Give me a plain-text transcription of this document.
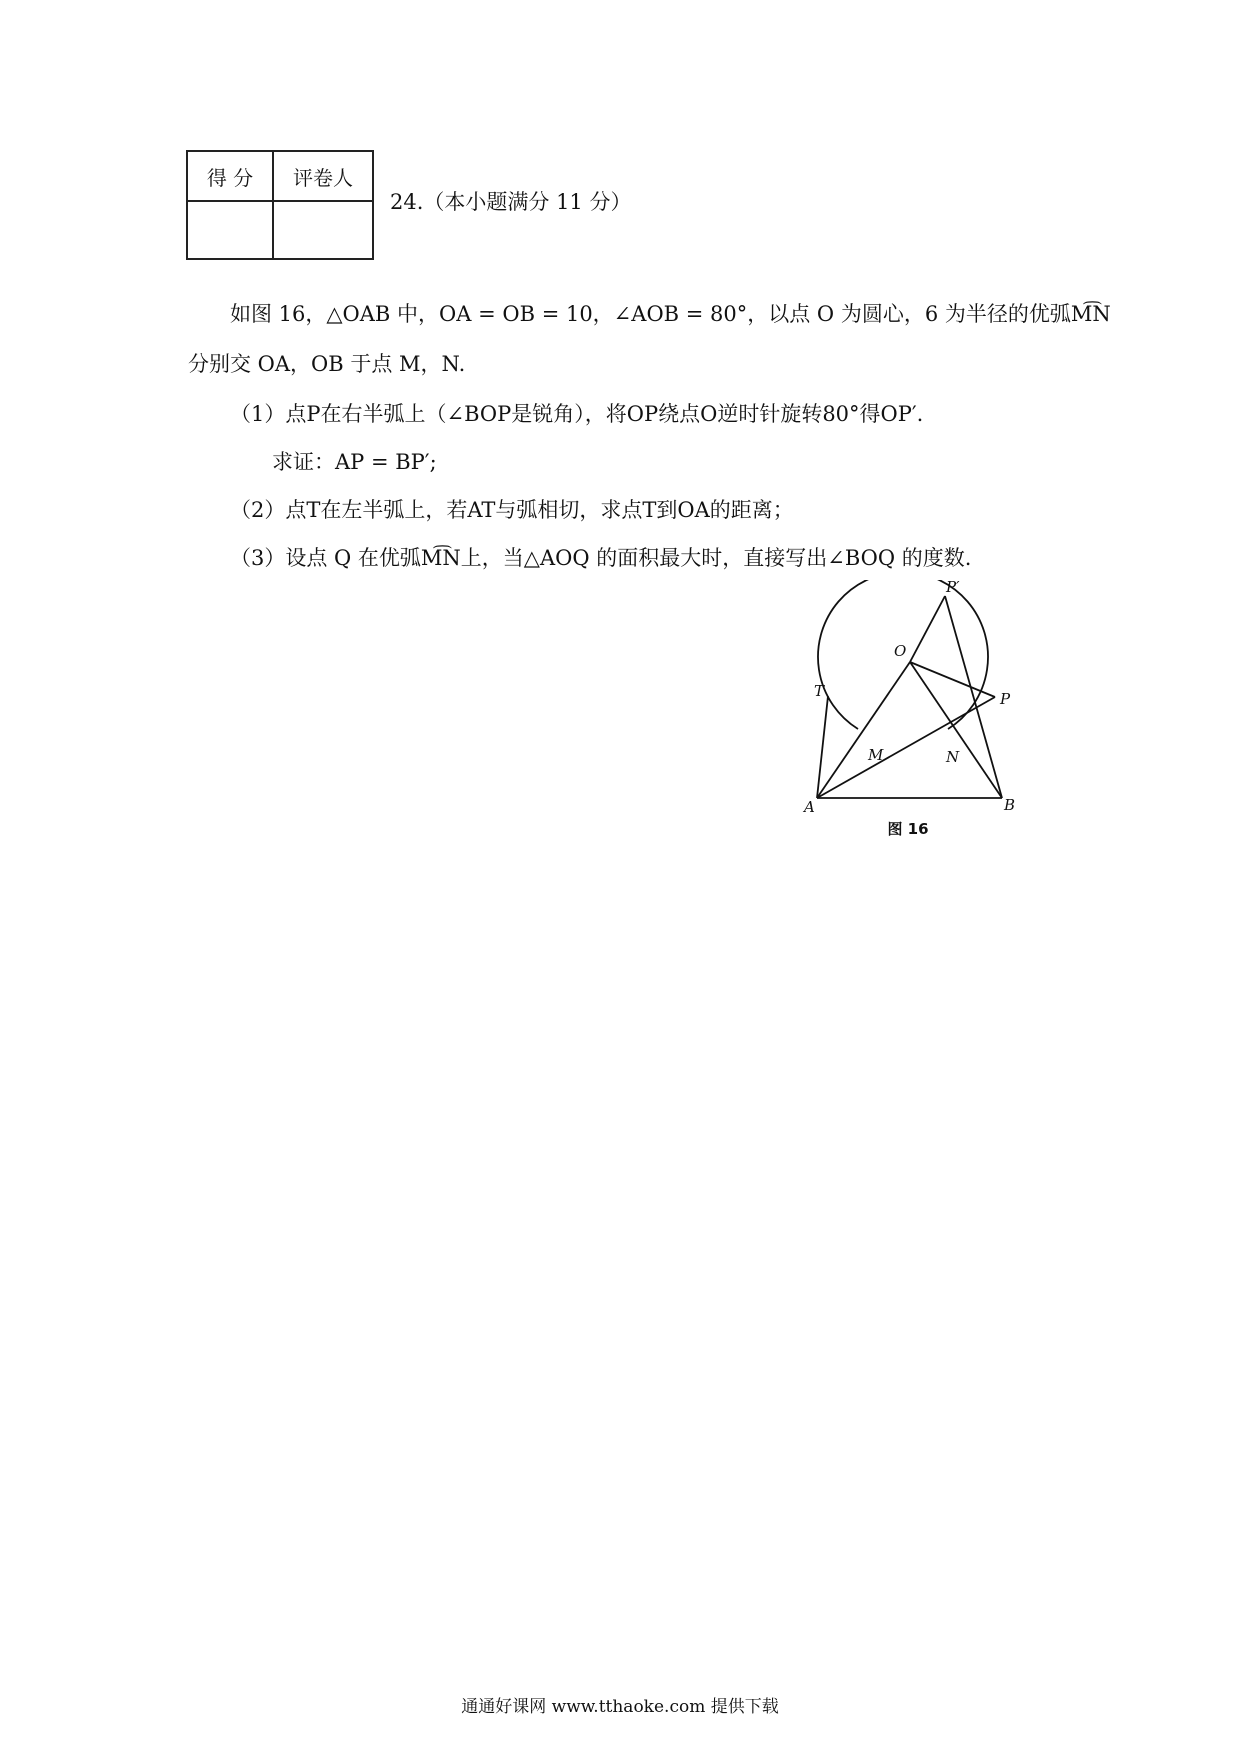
得 分	评卷人

24.（本小题满分 11 分）
如图 16，△OAB 中，OA = OB = 10，∠AOB = 80°，以点 O 为圆心，6 为半径的优弧M͡N
分别交 OA，OB 于点 M，N.
（1）点P在右半弧上（∠BOP是锐角），将OP绕点O逆时针旋转80°得OP′.
求证：AP = BP′;
（2）点T在左半弧上，若AT与弧相切，求点T到OA的距离；
（3）设点 Q 在优弧M͡N上，当△AOQ 的面积最大时，直接写出∠BOQ 的度数.
P′
O
T	P
M	N
A	B
图 16
通通好课网 www.tthaoke.com 提供下载
